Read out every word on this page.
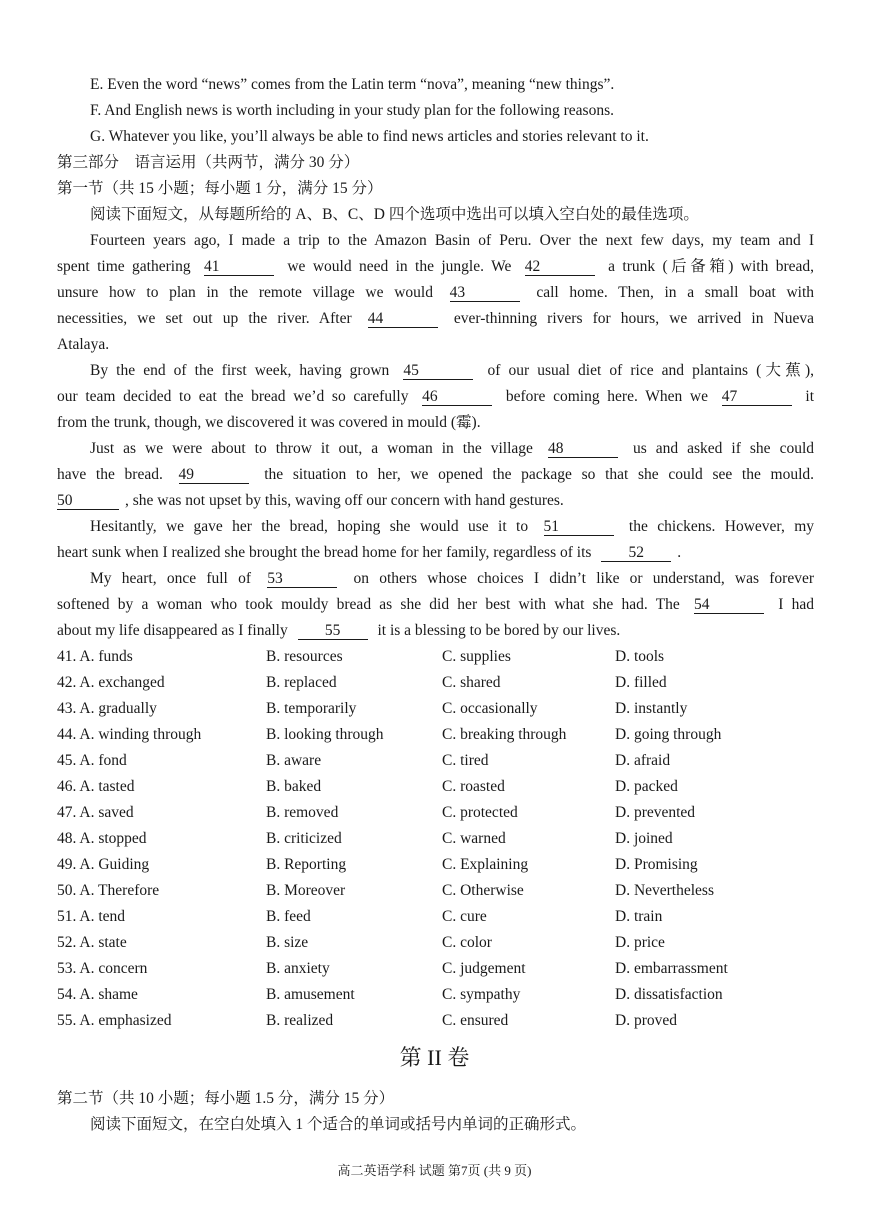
E. Even the word “news” comes from the Latin term “nova”, meaning “new things”.
F. And English news is worth including in your study plan for the following reasons.
G. Whatever you like, you’ll always be able to find news articles and stories relevant to it.
第三部分　语言运用（共两节，满分 30 分）
第一节（共 15 小题；每小题 1 分，满分 15 分）
阅读下面短文，从每题所给的 A、B、C、D 四个选项中选出可以填入空白处的最佳选项。
Fourteen years ago, I made a trip to the Amazon Basin of Peru. Over the next few days, my team and I
spent time gathering 41	we would need in the jungle. We 42	a trunk (后备箱) with bread,
unsure how to plan in the remote village we would 43	call home. Then, in a small boat with
necessities, we set out up the river. After 44	ever-thinning rivers for hours, we arrived in Nueva
Atalaya.
By the end of the first week, having grown 45	of our usual diet of rice and plantains (大蕉),
our team decided to eat the bread we’d so carefully 46	before coming here. When we 47	it
from the trunk, though, we discovered it was covered in mould (霉).
Just as we were about to throw it out, a woman in the village 48	us and asked if she could
have the bread. 49	the situation to her, we opened the package so that she could see the mould.
50	, she was not upset by this, waving off our concern with hand gestures.
Hesitantly, we gave her the bread, hoping she would use it to 51	the chickens. However, my
heart sunk when I realized she brought the bread home for her family, regardless of its 52 .
My heart, once full of 53	on others whose choices I didn’t like or understand, was forever
softened by a woman who took mouldy bread as she did her best with what she had. The 54	I had
about my life disappeared as I finally 55 it is a blessing to be bored by our lives.
41. A. funds	B. resources	C. supplies	D. tools
42. A. exchanged	B. replaced	C. shared	D. filled
43. A. gradually	B. temporarily	C. occasionally	D. instantly
44. A. winding through	B. looking through	C. breaking through	D. going through
45. A. fond	B. aware	C. tired	D. afraid
46. A. tasted	B. baked	C. roasted	D. packed
47. A. saved	B. removed	C. protected	D. prevented
48. A. stopped	B. criticized	C. warned	D. joined
49. A. Guiding	B. Reporting	C. Explaining	D. Promising
50. A. Therefore	B. Moreover	C. Otherwise	D. Nevertheless
51. A. tend	B. feed	C. cure	D. train
52. A. state	B. size	C. color	D. price
53. A. concern	B. anxiety	C. judgement	D. embarrassment
54. A. shame	B. amusement	C. sympathy	D. dissatisfaction
55. A. emphasized	B. realized	C. ensured	D. proved
第 II 卷
第二节（共 10 小题；每小题 1.5 分，满分 15 分）
阅读下面短文，在空白处填入 1 个适合的单词或括号内单词的正确形式。
高二英语学科 试题 第7页 (共 9 页)
